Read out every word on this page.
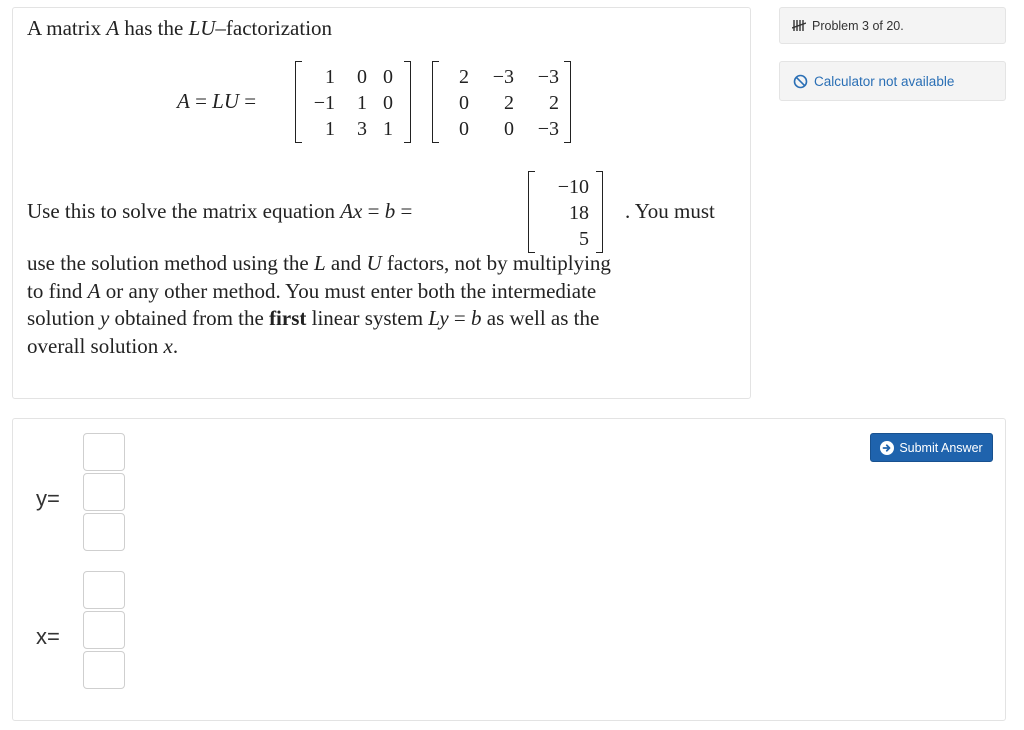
A matrix A has the LU–factorization
A = LU =
1 0 0
−1 1 0
1 3 1
2 −3 −3
0 2 2
0 0 −3
Use this to solve the matrix equation Ax = b =
−10
18
5
. You must
use the solution method using the L and U factors, not by multiplying
to find A or any other method. You must enter both the intermediate
solution y obtained from the first linear system Ly = b as well as the
overall solution x.
Problem 3 of 20.
Calculator not available
Submit Answer
y=
x=
